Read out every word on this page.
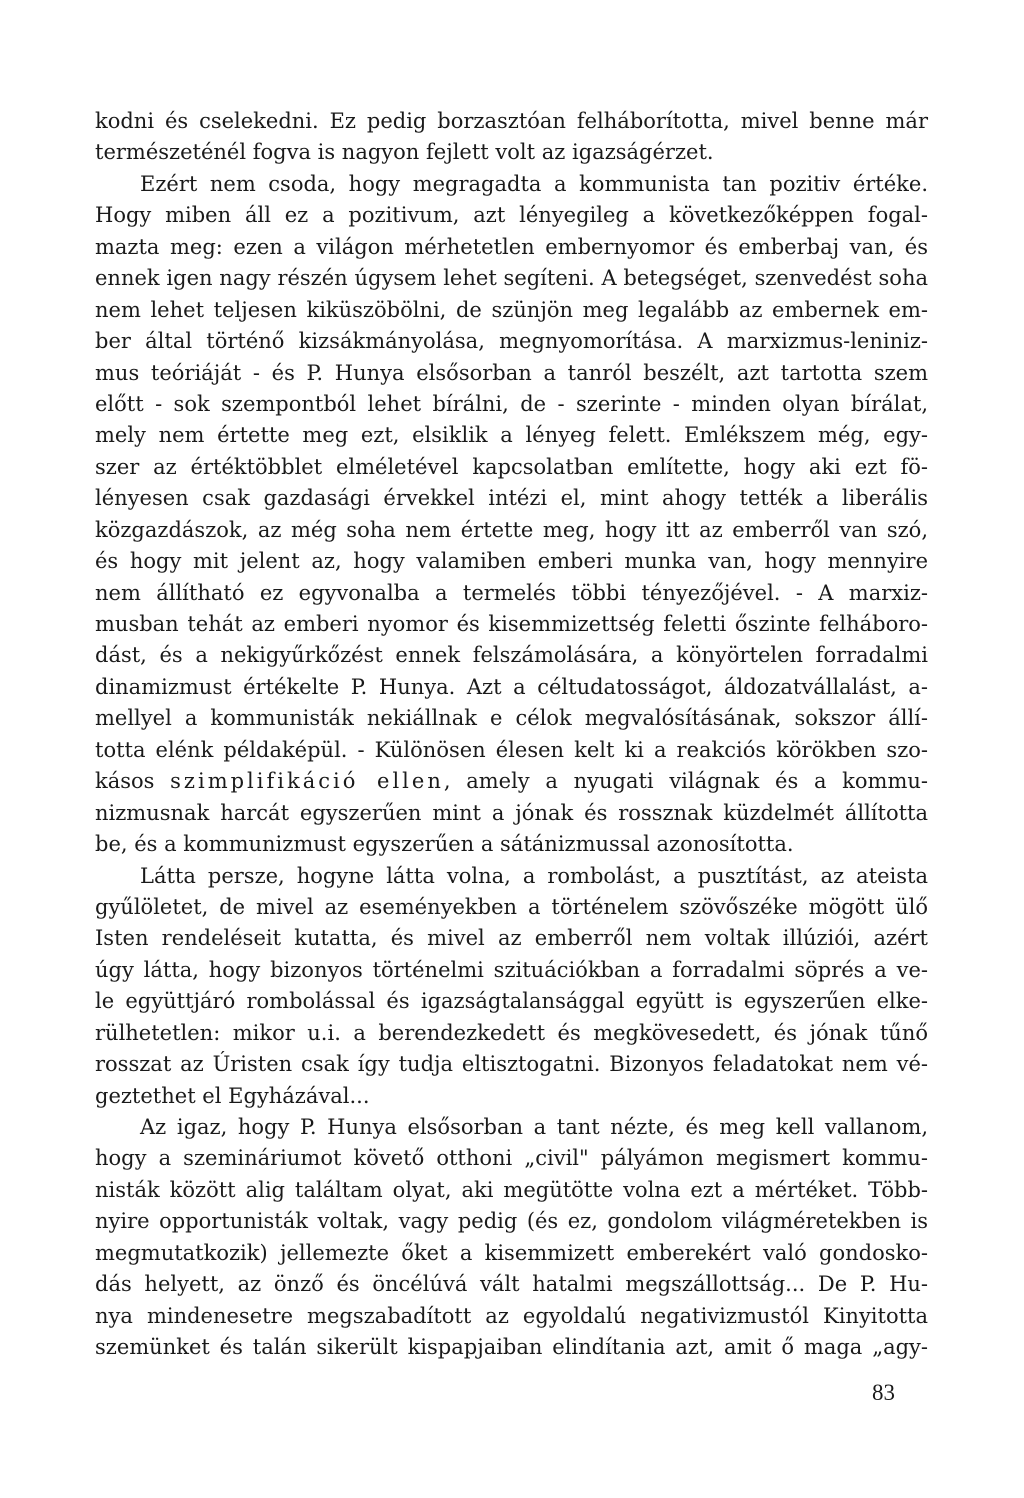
kodni és cselekedni. Ez pedig borzasztóan felháborította, mivel benne már
természeténél fogva is nagyon fejlett volt az igazságérzet.
Ezért nem csoda, hogy megragadta a kommunista tan pozitiv értéke.
Hogy miben áll ez a pozitivum, azt lényegileg a következőképpen fogal-
mazta meg: ezen a világon mérhetetlen embernyomor és emberbaj van, és
ennek igen nagy részén úgysem lehet segíteni. A betegséget, szenvedést soha
nem lehet teljesen kiküszöbölni, de szünjön meg legalább az embernek em-
ber által történő kizsákmányolása, megnyomorítása. A marxizmus-leniniz-
mus teóriáját - és P. Hunya elsősorban a tanról beszélt, azt tartotta szem
előtt - sok szempontból lehet bírálni, de - szerinte - minden olyan bírálat,
mely nem értette meg ezt, elsiklik a lényeg felett. Emlékszem még, egy-
szer az értéktöbblet elméletével kapcsolatban említette, hogy aki ezt fö-
lényesen csak gazdasági érvekkel intézi el, mint ahogy tették a liberális
közgazdászok, az még soha nem értette meg, hogy itt az emberről van szó,
és hogy mit jelent az, hogy valamiben emberi munka van, hogy mennyire
nem állítható ez egyvonalba a termelés többi tényezőjével. - A marxiz-
musban tehát az emberi nyomor és kisemmizettség feletti őszinte felháboro-
dást, és a nekigyűrkőzést ennek felszámolására, a könyörtelen forradalmi
dinamizmust értékelte P. Hunya. Azt a céltudatosságot, áldozatvállalást, a-
mellyel a kommunisták nekiállnak e célok megvalósításának, sokszor állí-
totta elénk példaképül. - Különösen élesen kelt ki a reakciós körökben szo-
kásos szimplifikáció ellen, amely a nyugati világnak és a kommu-
nizmusnak harcát egyszerűen mint a jónak és rossznak küzdelmét állította
be, és a kommunizmust egyszerűen a sátánizmussal azonosította.
Látta persze, hogyne látta volna, a rombolást, a pusztítást, az ateista
gyűlöletet, de mivel az eseményekben a történelem szövőszéke mögött ülő
Isten rendeléseit kutatta, és mivel az emberről nem voltak illúziói, azért
úgy látta, hogy bizonyos történelmi szituációkban a forradalmi söprés a ve-
le együttjáró rombolással és igazságtalansággal együtt is egyszerűen elke-
rülhetetlen: mikor u.i. a berendezkedett és megkövesedett, és jónak tűnő
rosszat az Úristen csak így tudja eltisztogatni. Bizonyos feladatokat nem vé-
geztethet el Egyházával...
Az igaz, hogy P. Hunya elsősorban a tant nézte, és meg kell vallanom,
hogy a szemináriumot követő otthoni „civil" pályámon megismert kommu-
nisták között alig találtam olyat, aki megütötte volna ezt a mértéket. Több-
nyire opportunisták voltak, vagy pedig (és ez, gondolom világméretekben is
megmutatkozik) jellemezte őket a kisemmizett emberekért való gondosko-
dás helyett, az önző és öncélúvá vált hatalmi megszállottság... De P. Hu-
nya mindenesetre megszabadított az egyoldalú negativizmustól Kinyitotta
szemünket és talán sikerült kispapjaiban elindítania azt, amit ő maga „agy-
83
